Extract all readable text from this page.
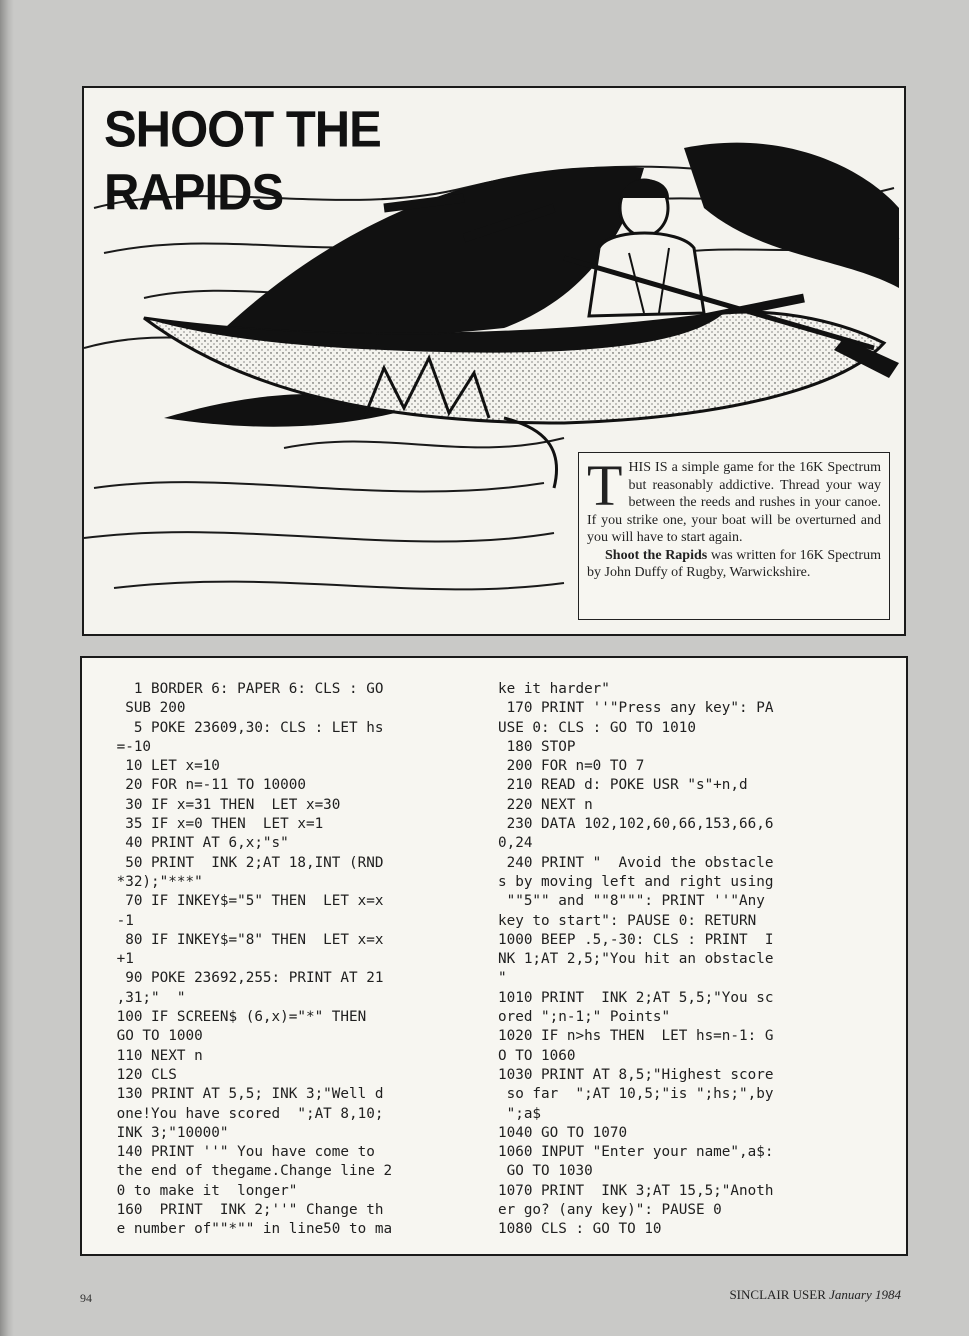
SHOOT THE RAPIDS
T HIS IS a simple game for the 16K Spectrum but reasonably addictive. Thread your way between the reeds and rushes in your canoe. If you strike one, your boat will be overturned and you will have to start again.

Shoot the Rapids was written for 16K Spectrum by John Duffy of Rugby, Warwickshire.

1 BORDER 6: PAPER 6: CLS : GO
SUB 200
5 POKE 23609,30: CLS : LET hs
=-10
10 LET x=10
20 FOR n=-11 TO 10000
30 IF x=31 THEN  LET x=30
35 IF x=0 THEN  LET x=1
40 PRINT AT 6,x;"s"
50 PRINT  INK 2;AT 18,INT (RND
*32);"***"
70 IF INKEY$="5" THEN  LET x=x
-1
80 IF INKEY$="8" THEN  LET x=x
+1
90 POKE 23692,255: PRINT AT 21
,31;"  "
100 IF SCREEN$ (6,x)="*" THEN
GO TO 1000
110 NEXT n
120 CLS
130 PRINT AT 5,5; INK 3;"Well d
one!You have scored  ";AT 8,10;
INK 3;"10000"
140 PRINT ''" You have come to
the end of thegame.Change line 2
0 to make it  longer"
160  PRINT  INK 2;''" Change th
e number of""*"" in line50 to ma
ke it harder"
170 PRINT ''"Press any key": PA
USE 0: CLS : GO TO 1010
180 STOP
200 FOR n=0 TO 7
210 READ d: POKE USR "s"+n,d
220 NEXT n
230 DATA 102,102,60,66,153,66,6
0,24
240 PRINT "  Avoid the obstacle
s by moving left and right using
""5"" and ""8""": PRINT ''"Any
key to start": PAUSE 0: RETURN
1000 BEEP .5,-30: CLS : PRINT  I
NK 1;AT 2,5;"You hit an obstacle
"
1010 PRINT  INK 2;AT 5,5;"You sc
ored ";n-1;" Points"
1020 IF n>hs THEN  LET hs=n-1: G
O TO 1060
1030 PRINT AT 8,5;"Highest score
so far  ";AT 10,5;"is ";hs;",by
";a$
1040 GO TO 1070
1060 INPUT "Enter your name",a$:
GO TO 1030
1070 PRINT  INK 3;AT 15,5;"Anoth
er go? (any key)": PAUSE 0
1080 CLS : GO TO 10
94	SINCLAIR USER January 1984
